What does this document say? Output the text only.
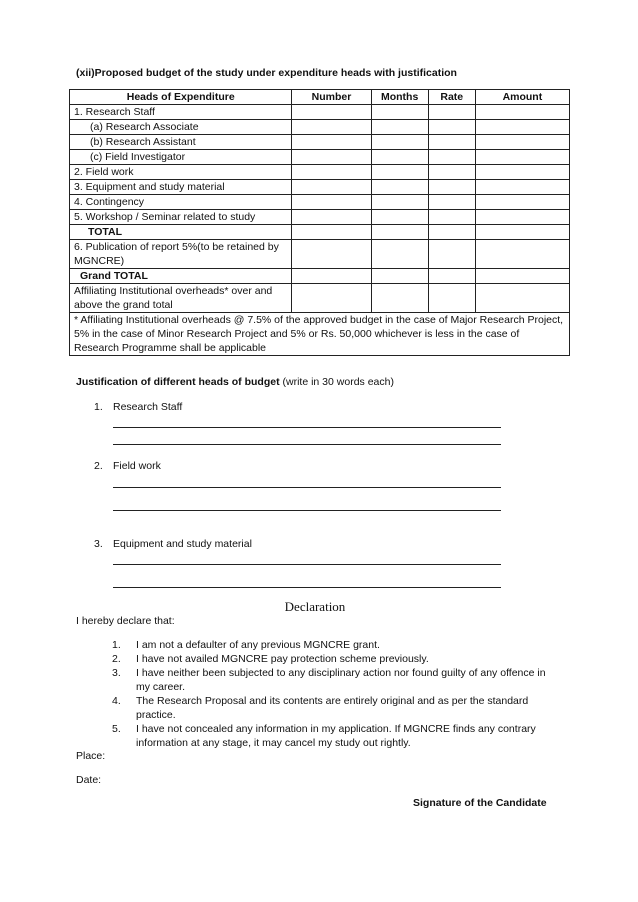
(xii)Proposed budget of the study under expenditure heads with justification
Heads of Expenditure	Number	Months	Rate	Amount
1. Research Staff				
(a) Research Associate				
(b) Research Assistant				
(c) Field Investigator				
2. Field work				
3. Equipment and study material				
4. Contingency				
5. Workshop / Seminar related to study				
TOTAL				
6. Publication of report 5%(to be retained by MGNCRE)				
Grand TOTAL				
Affiliating Institutional overheads* over and above the grand total				
* Affiliating Institutional overheads @ 7.5% of the approved budget in the case of Major Research Project, 5% in the case of Minor Research Project and 5% or Rs. 50,000 whichever is less in the case of Research Programme shall be applicable				
Justification of different heads of budget (write in 30 words each)
1. Research Staff
2. Field work
3. Equipment and study material
Declaration
I hereby declare that:
1. I am not a defaulter of any previous MGNCRE grant.
2. I have not availed MGNCRE pay protection scheme previously.
3. I have neither been subjected to any disciplinary action nor found guilty of any offence in my career.
4. The Research Proposal and its contents are entirely original and as per the standard practice.
5. I have not concealed any information in my application. If MGNCRE finds any contrary information at any stage, it may cancel my study out rightly.
Place:
Date:
Signature of the Candidate
